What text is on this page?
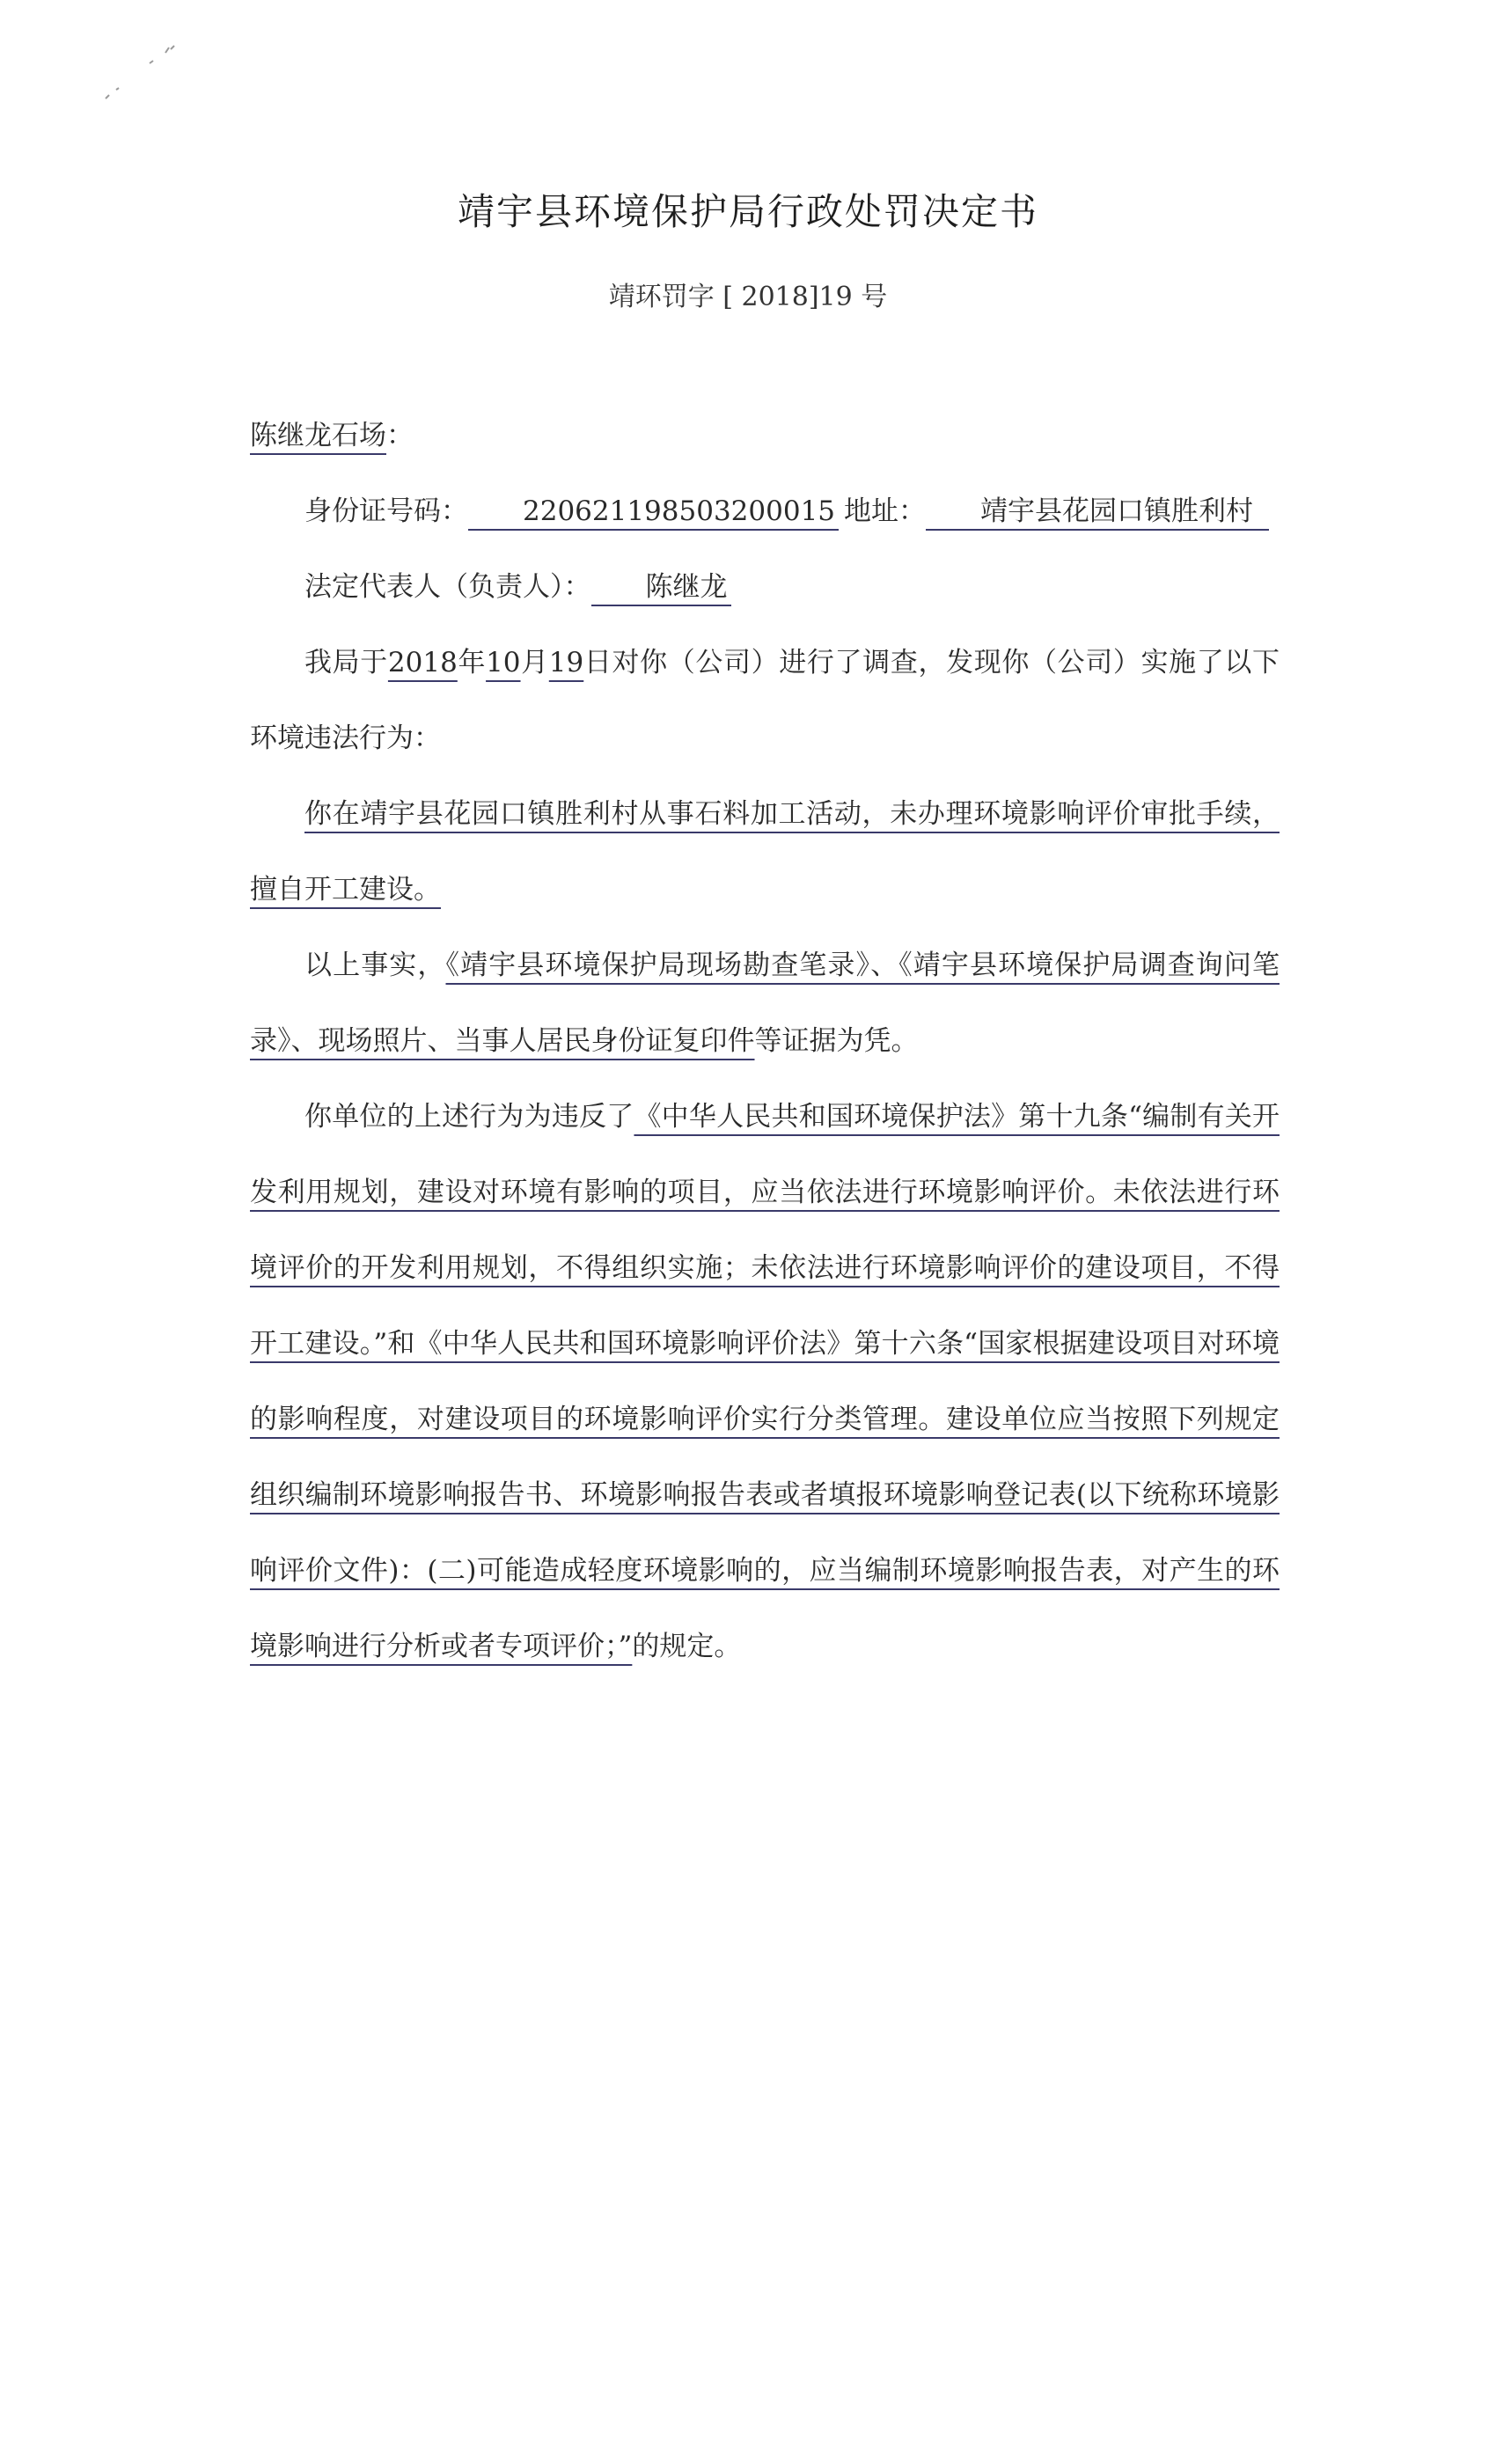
靖宇县环境保护局行政处罚决定书
靖环罚字 [ 2018]19 号

陈继龙石场：

身份证号码： 220621198503200015 地址： 靖宇县花园口镇胜利村

法定代表人（负责人）： 陈继龙

我局于2018年10月19日对你（公司）进行了调查，发现你（公司）实施了以下环境违法行为：

你在靖宇县花园口镇胜利村从事石料加工活动，未办理环境影响评价审批手续，擅自开工建设。

以上事实，《靖宇县环境保护局现场勘查笔录》、《靖宇县环境保护局调查询问笔录》、现场照片、当事人居民身份证复印件等证据为凭。

你单位的上述行为为违反了《中华人民共和国环境保护法》第十九条“编制有关开发利用规划，建设对环境有影响的项目，应当依法进行环境影响评价。未依法进行环境评价的开发利用规划，不得组织实施；未依法进行环境影响评价的建设项目，不得开工建设。”和《中华人民共和国环境影响评价法》第十六条“国家根据建设项目对环境的影响程度，对建设项目的环境影响评价实行分类管理。建设单位应当按照下列规定组织编制环境影响报告书、环境影响报告表或者填报环境影响登记表(以下统称环境影响评价文件)：(二)可能造成轻度环境影响的，应当编制环境影响报告表，对产生的环境影响进行分析或者专项评价；”的规定。
